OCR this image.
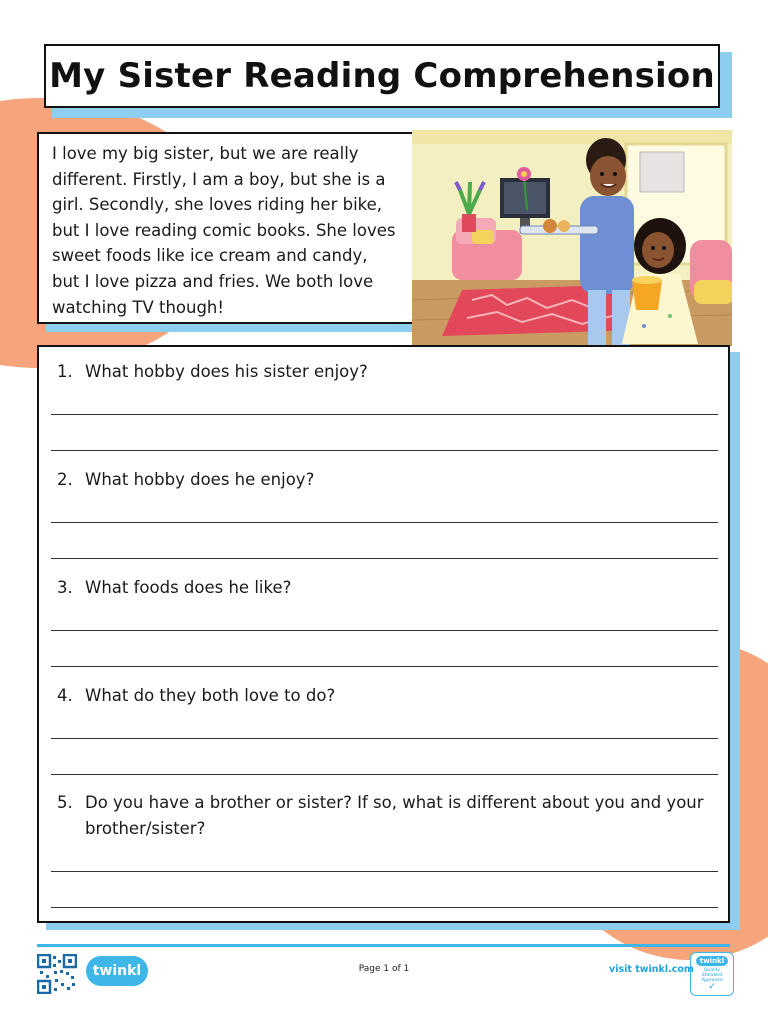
My Sister Reading Comprehension
I love my big sister, but we are really
different. Firstly, I am a boy, but she is a
girl. Secondly, she loves riding her bike,
but I love reading comic books. She loves
sweet foods like ice cream and candy,
but I love pizza and fries. We both love
watching TV though!
1. What hobby does his sister enjoy?
2. What hobby does he enjoy?
3. What foods does he like?
4. What do they both love to do?
5. Do you have a brother or sister? If so, what is different about you and your brother/sister?
twinkl
twinkl
Quality Standard Approved
✓
Page 1 of 1	visit twinkl.com
